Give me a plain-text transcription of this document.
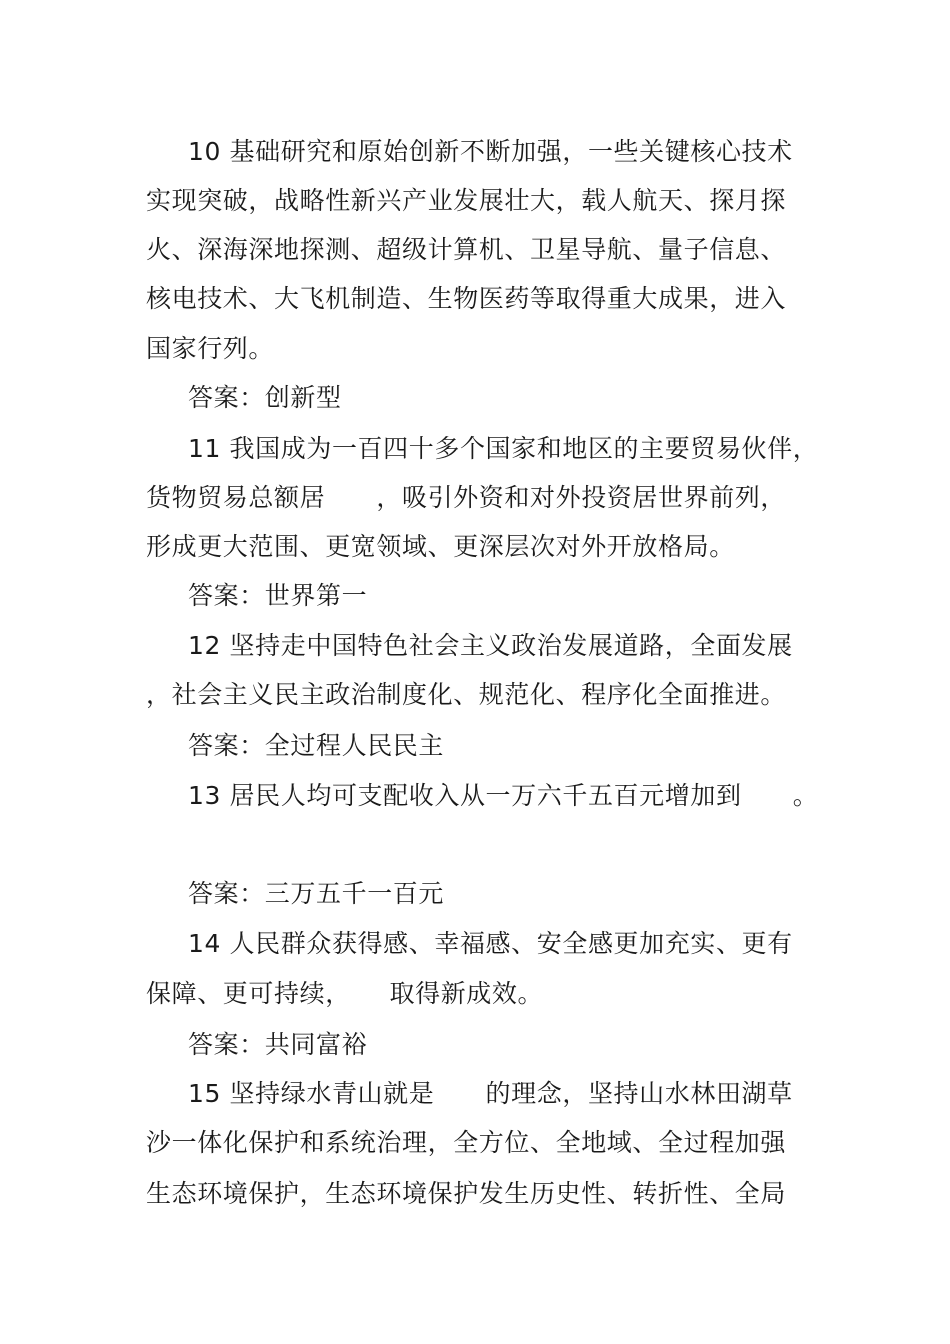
10 基础研究和原始创新不断加强，一些关键核心技术
实现突破，战略性新兴产业发展壮大，载人航天、探月探
火、深海深地探测、超级计算机、卫星导航、量子信息、
核电技术、大飞机制造、生物医药等取得重大成果，进入
国家行列。
答案：创新型
11 我国成为一百四十多个国家和地区的主要贸易伙伴，
货物贸易总额居　　，吸引外资和对外投资居世界前列，
形成更大范围、更宽领域、更深层次对外开放格局。
答案：世界第一
12 坚持走中国特色社会主义政治发展道路，全面发展
，社会主义民主政治制度化、规范化、程序化全面推进。
答案：全过程人民民主
13 居民人均可支配收入从一万六千五百元增加到　　。
答案：三万五千一百元
14 人民群众获得感、幸福感、安全感更加充实、更有
保障、更可持续，　　取得新成效。
答案：共同富裕
15 坚持绿水青山就是　　的理念，坚持山水林田湖草
沙一体化保护和系统治理，全方位、全地域、全过程加强
生态环境保护，生态环境保护发生历史性、转折性、全局
